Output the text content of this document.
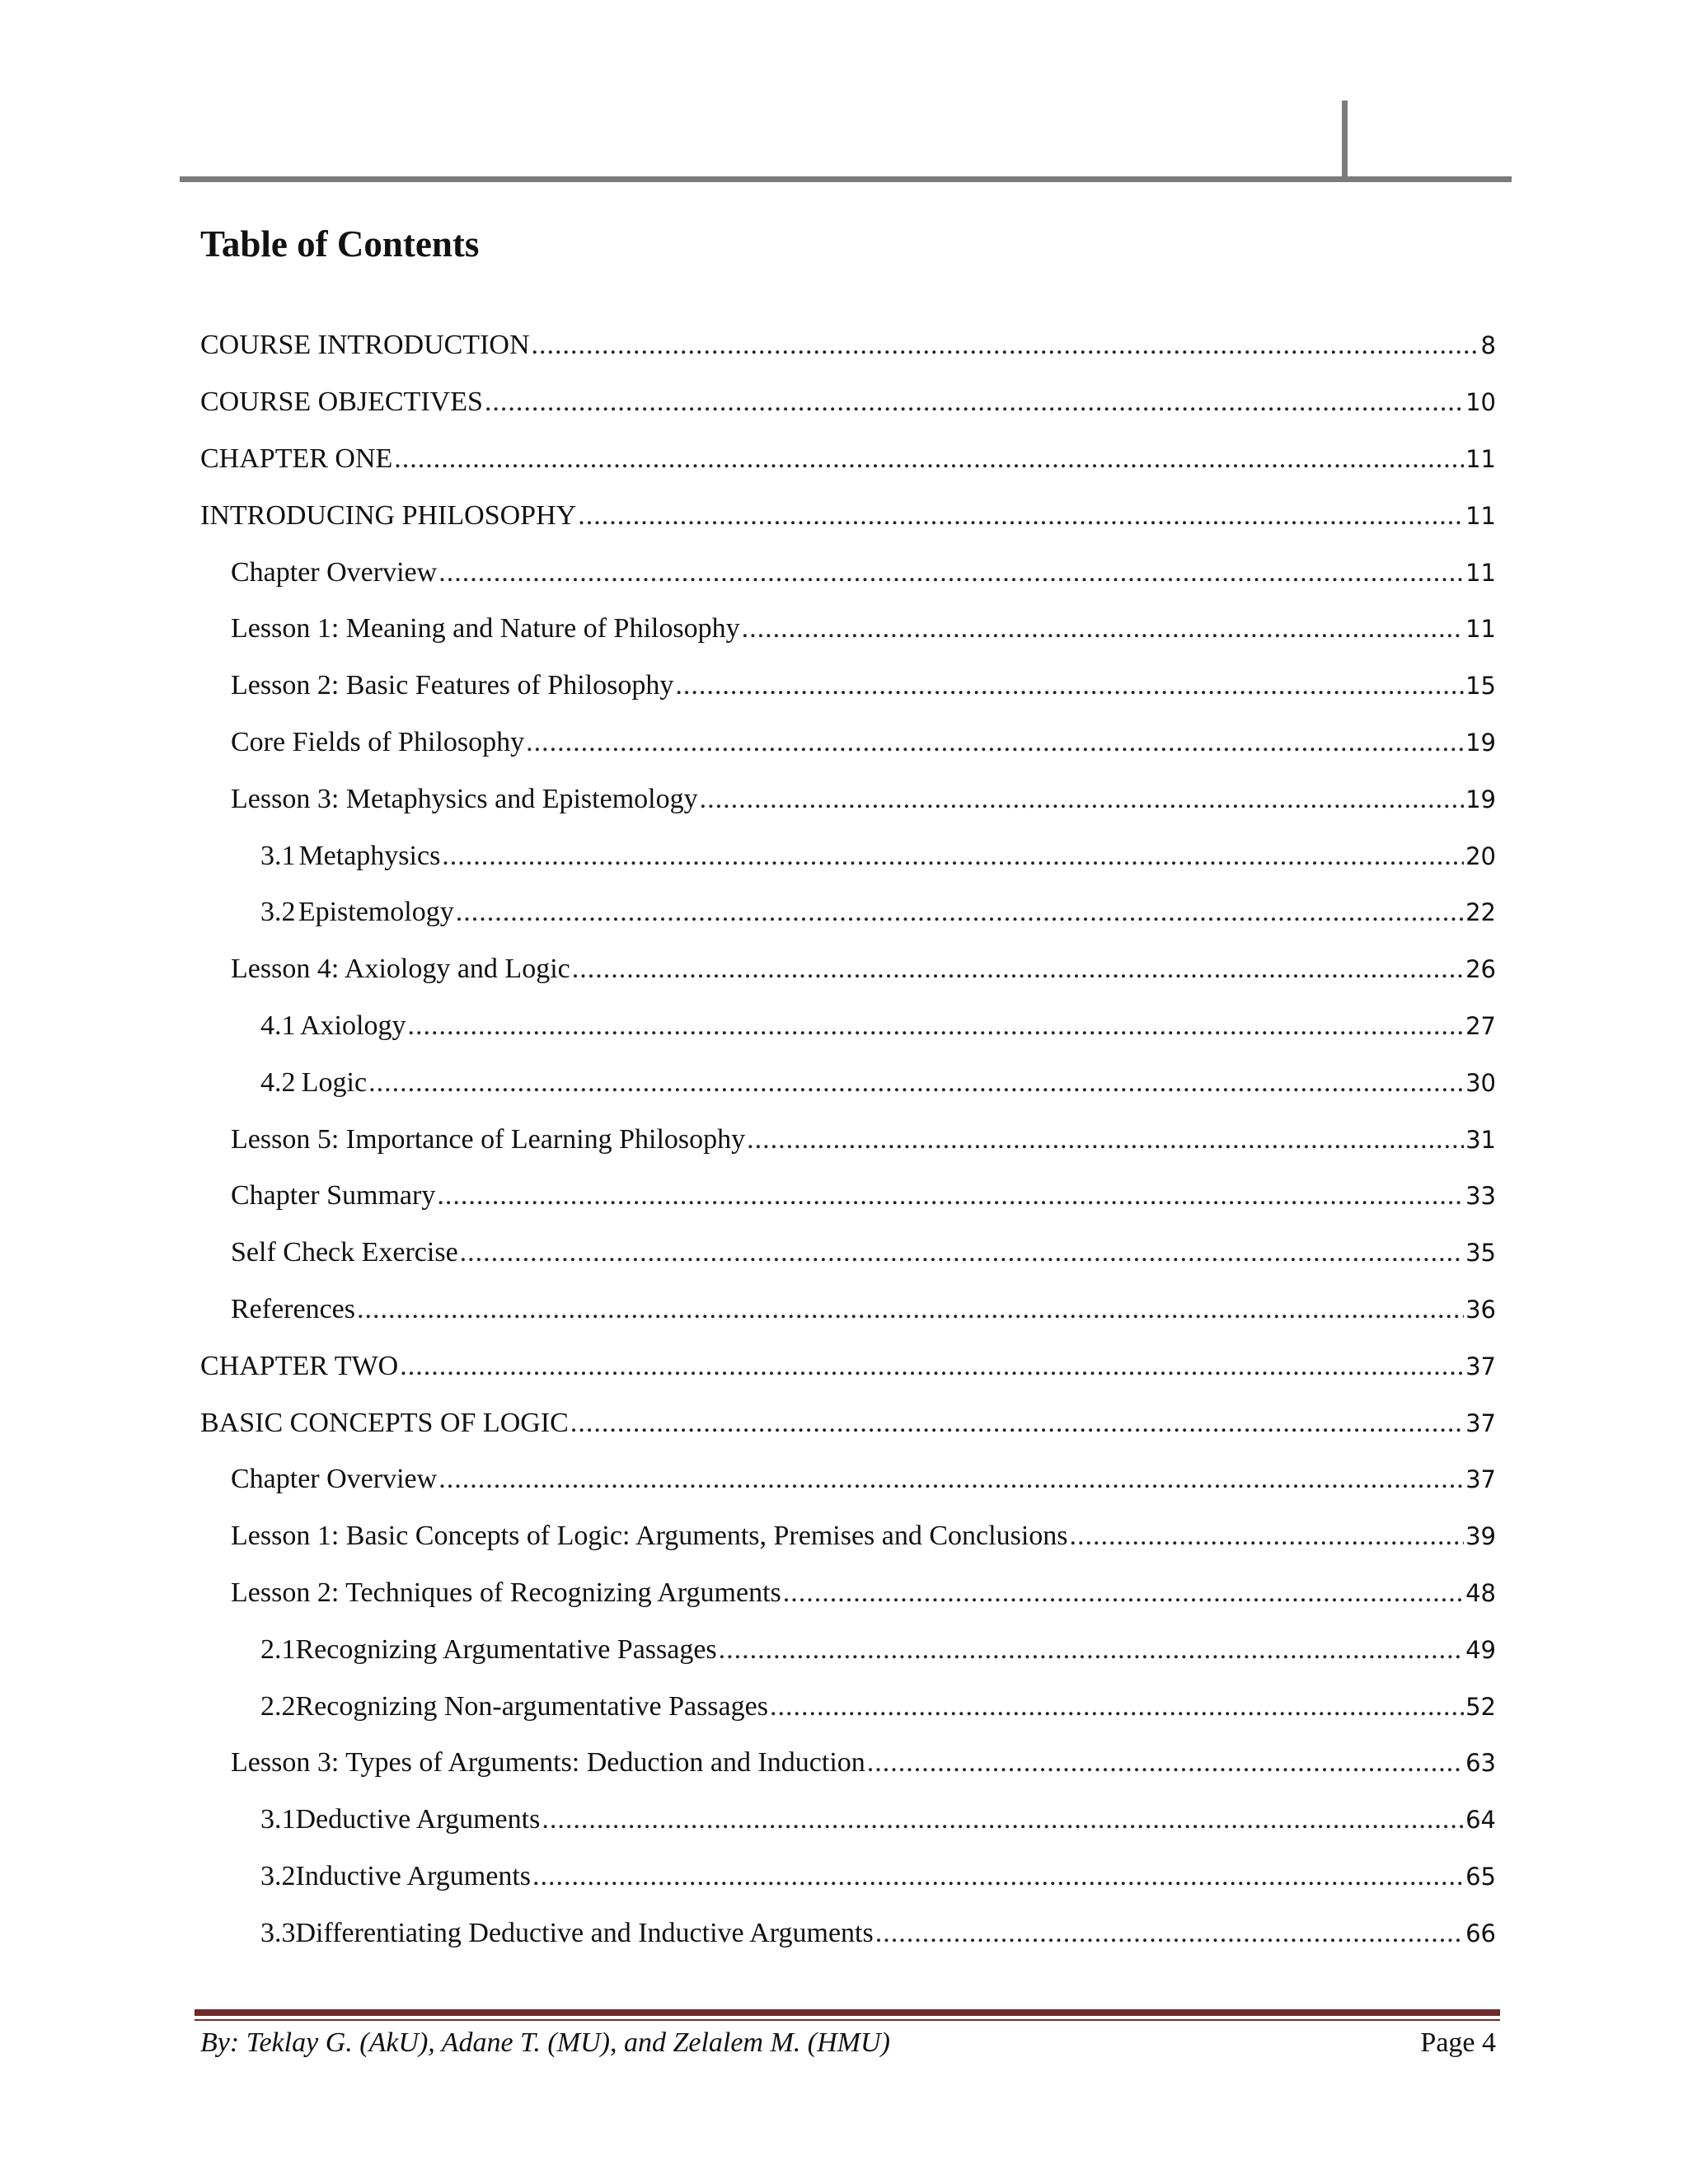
Table of Contents
COURSE INTRODUCTION .....	8
COURSE OBJECTIVES .....	10
CHAPTER ONE .....	11
INTRODUCING PHILOSOPHY .....	11
Chapter Overview .....	11
Lesson 1: Meaning and Nature of Philosophy .....	11
Lesson 2: Basic Features of Philosophy .....	15
Core Fields of Philosophy .....	19
Lesson 3: Metaphysics and Epistemology .....	19
3.1 Metaphysics .....	20
3.2 Epistemology .....	22
Lesson 4: Axiology and Logic .....	26
4.1 Axiology .....	27
4.2 Logic .....	30
Lesson 5: Importance of Learning Philosophy .....	31
Chapter Summary .....	33
Self Check Exercise .....	35
References .....	36
CHAPTER TWO .....	37
BASIC CONCEPTS OF LOGIC .....	37
Chapter Overview .....	37
Lesson 1: Basic Concepts of Logic: Arguments, Premises and Conclusions .....	39
Lesson 2: Techniques of Recognizing Arguments .....	48
2.1 Recognizing Argumentative Passages .....	49
2.2 Recognizing Non-argumentative Passages .....	52
Lesson 3: Types of Arguments: Deduction and Induction .....	63
3.1 Deductive Arguments .....	64
3.2 Inductive Arguments .....	65
3.3 Differentiating Deductive and Inductive Arguments .....	66
By: Teklay G. (AkU), Adane T. (MU), and Zelalem M. (HMU)	Page 4
